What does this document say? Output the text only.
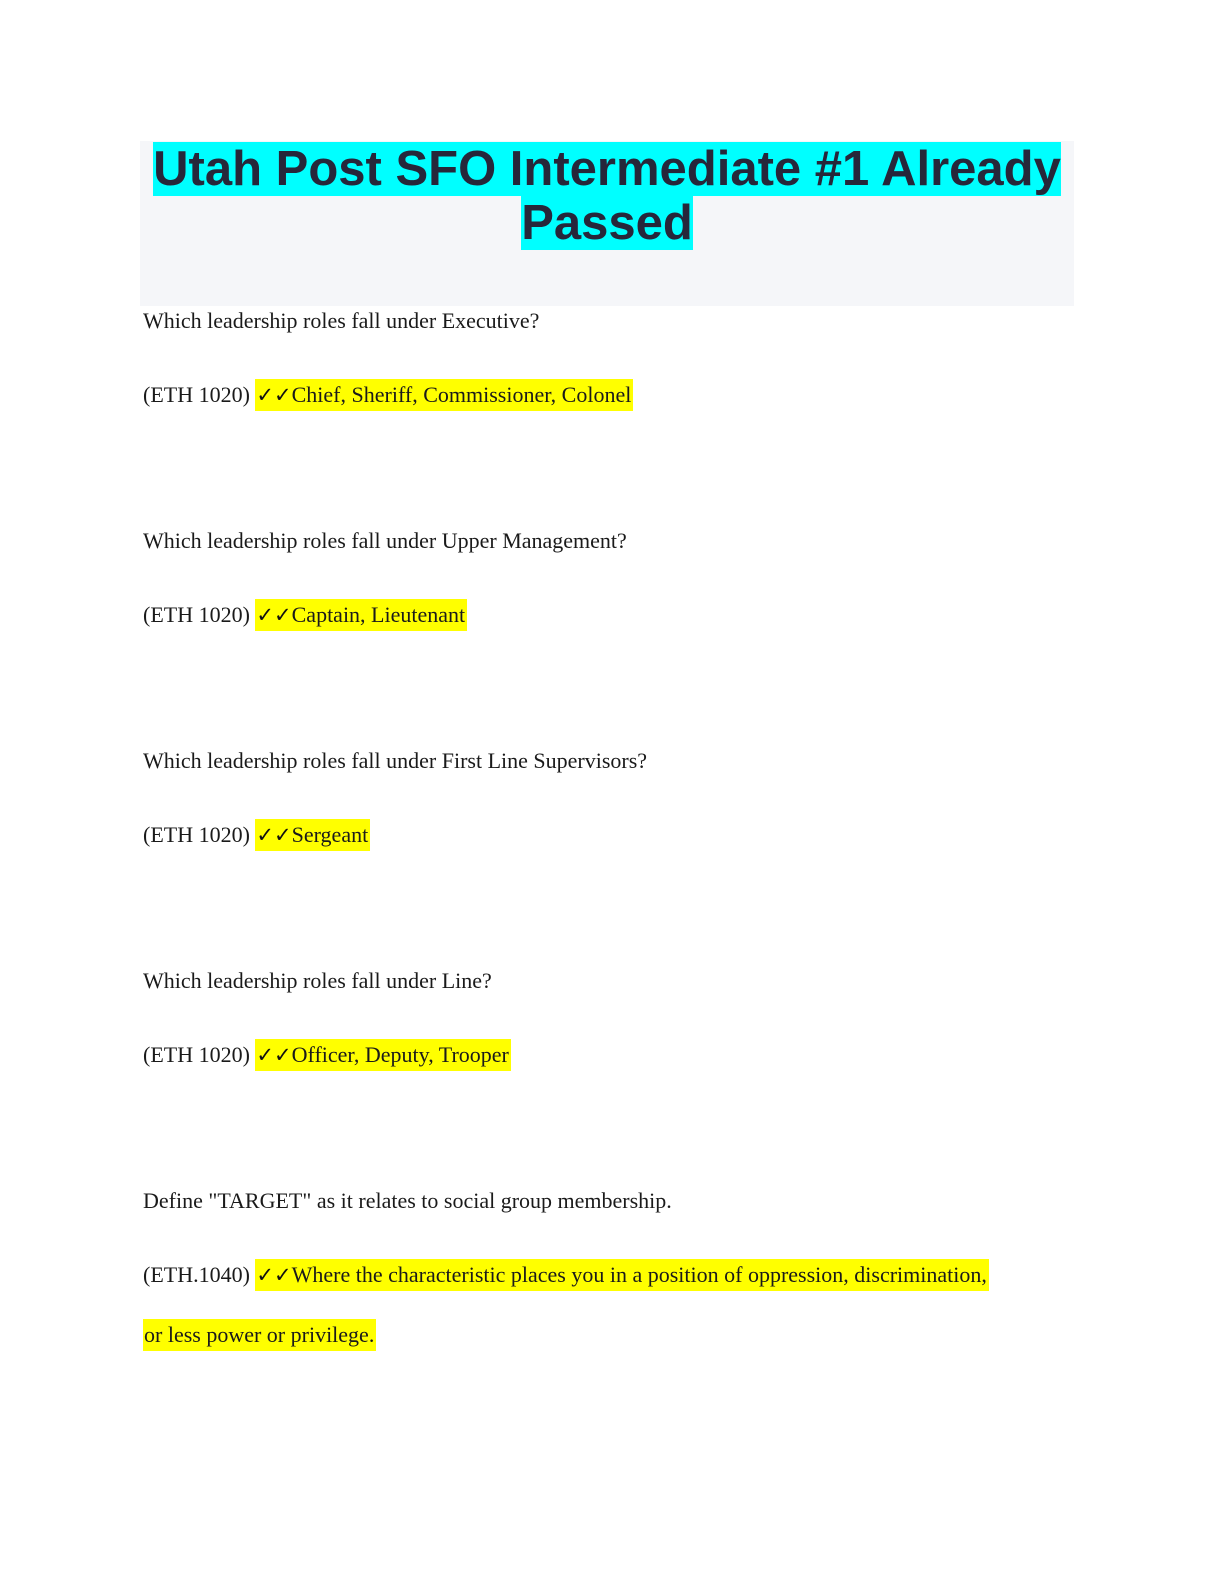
Utah Post SFO Intermediate #1 Already Passed

Which leadership roles fall under Executive?

(ETH 1020) ✓✓Chief, Sheriff, Commissioner, Colonel

Which leadership roles fall under Upper Management?

(ETH 1020) ✓✓Captain, Lieutenant

Which leadership roles fall under First Line Supervisors?

(ETH 1020) ✓✓Sergeant

Which leadership roles fall under Line?

(ETH 1020) ✓✓Officer, Deputy, Trooper

Define "TARGET" as it relates to social group membership.

(ETH.1040) ✓✓Where the characteristic places you in a position of oppression, discrimination,

or less power or privilege.
